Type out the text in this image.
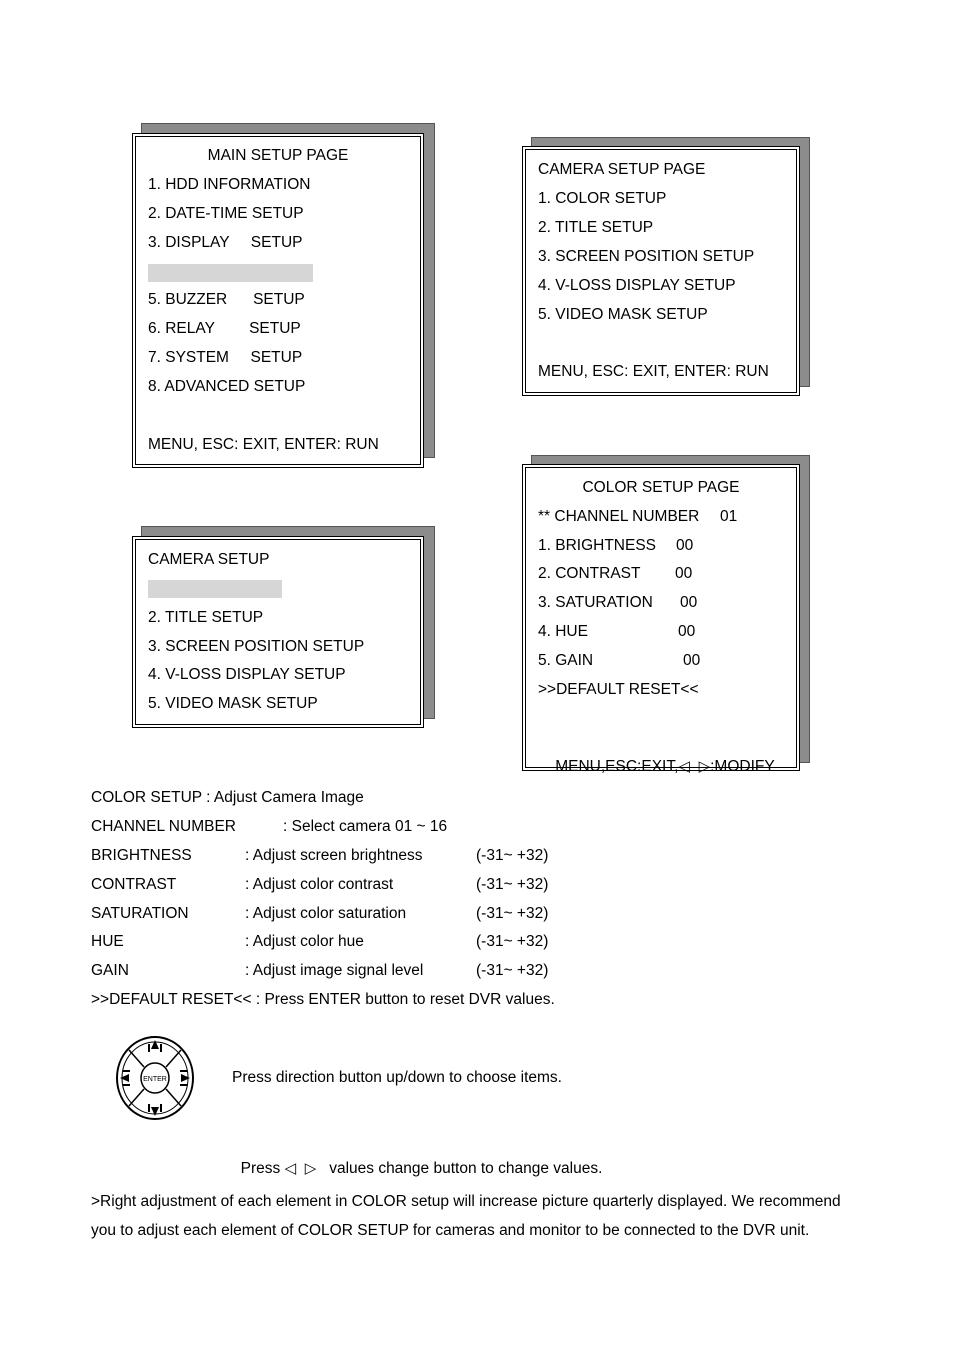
MAIN SETUP PAGE
1. HDD INFORMATION
2. DATE-TIME SETUP
3. DISPLAY     SETUP
5. BUZZER      SETUP
6. RELAY        SETUP
7. SYSTEM     SETUP
8. ADVANCED SETUP
MENU, ESC: EXIT, ENTER: RUN
CAMERA SETUP PAGE
1. COLOR SETUP
2. TITLE SETUP
3. SCREEN POSITION SETUP
4. V-LOSS DISPLAY SETUP
5. VIDEO MASK SETUP
MENU, ESC: EXIT, ENTER: RUN
CAMERA SETUP
2. TITLE SETUP
3. SCREEN POSITION SETUP
4. V-LOSS DISPLAY SETUP
5. VIDEO MASK SETUP
COLOR SETUP PAGE
** CHANNEL NUMBER 01
1. BRIGHTNESS 00
2. CONTRAST 00
3. SATURATION 00
4. HUE	00
5. GAIN	00
>>DEFAULT RESET<<

MENU,ESC:EXIT,◁ ▷:MODIFY

COLOR SETUP : Adjust Camera Image
CHANNEL NUMBER	: Select camera 01 ~ 16
BRIGHTNESS	: Adjust screen brightness	(-31~ +32)
CONTRAST	: Adjust color contrast	(-31~ +32)
SATURATION	: Adjust color saturation	(-31~ +32)
HUE	: Adjust color hue	(-31~ +32)
GAIN	: Adjust image signal level	(-31~ +32)
>>DEFAULT RESET<< : Press ENTER button to reset DVR values.
ENTER	Press direction button up/down to choose items.

Press ◁ ▷ values change button to change values.

>Right adjustment of each element in COLOR setup will increase picture quarterly displayed. We recommend
you to adjust each element of COLOR SETUP for cameras and monitor to be connected to the DVR unit.
